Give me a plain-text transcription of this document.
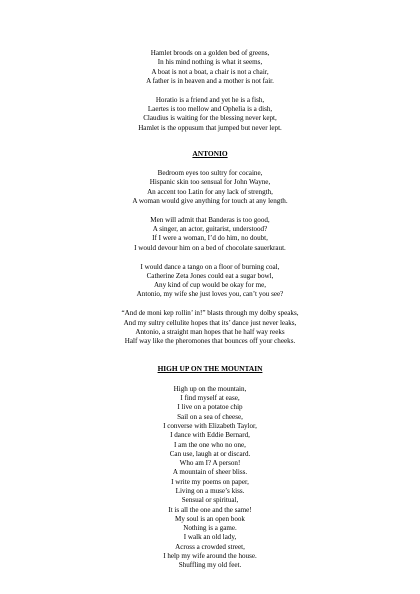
Hamlet broods on a golden bed of greens,
In his mind nothing is what it seems,
A boat is not a boat, a chair is not a chair,
A father is in heaven and a mother is not fair.
Horatio is a friend and yet he is a fish,
Laertes is too mellow and Ophelia is a dish,
Claudius is waiting for the blessing never kept,
Hamlet is the oppusum that jumped but never lept.

ANTONIO

Bedroom eyes too sultry for cocaine,
Hispanic skin too sensual for John Wayne,
An accent too Latin for any lack of strength,
A woman would give anything for touch at any length.
Men will admit that Banderas is too good,
A singer, an actor, guitarist, understood?
If I were a woman, I’d do him, no doubt,
I would devour him on a bed of chocolate sauerkraut.
I would dance a tango on a floor of burning coal,
Catherine Zeta Jones could eat a sugar bowl,
Any kind of cup would be okay for me,
Antonio, my wife she just loves you, can’t you see?
“And de moni kep rollin’ in!” blasts through my dolby speaks,
And my sultry cellulite hopes that its’ dance just never leaks,
Antonio, a straight man hopes that he half way reeks
Half way like the pheromones that bounces off your cheeks.

HIGH UP ON THE MOUNTAIN

High up on the mountain,
I find myself at ease,
I live on a potatoe chip
Sail on a sea of cheese,
I converse with Elizabeth Taylor,
I dance with Eddie Bernard,
I am the one who no one,
Can use, laugh at or discard.
Who am I? A person!
A mountain of sheer bliss.
I write my poems on paper,
Living on a muse’s kiss.
Sensual or spiritual,
It is all the one and the same!
My soul is an open book
Nothing is a game.
I walk an old lady,
Across a crowded street,
I help my wife around the house.
Shuffling my old feet.
